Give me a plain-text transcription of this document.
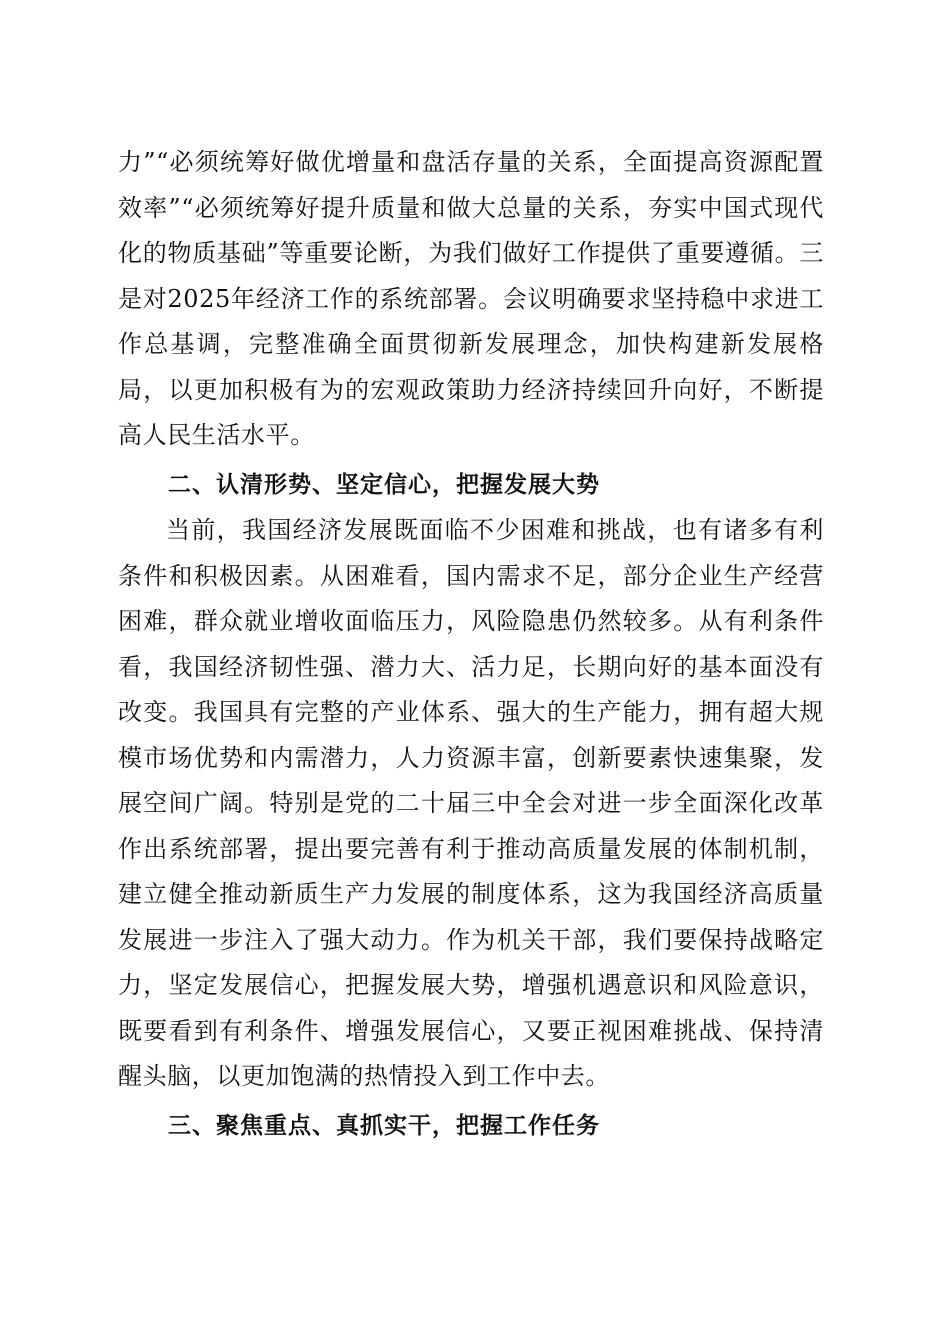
力”“必须统筹好做优增量和盘活存量的关系，全面提高资源配置效率”“必须统筹好提升质量和做大总量的关系，夯实中国式现代化的物质基础”等重要论断，为我们做好工作提供了重要遵循。三是对2025年经济工作的系统部署。会议明确要求坚持稳中求进工作总基调，完整准确全面贯彻新发展理念，加快构建新发展格局，以更加积极有为的宏观政策助力经济持续回升向好，不断提高人民生活水平。

二、认清形势、坚定信心，把握发展大势

当前，我国经济发展既面临不少困难和挑战，也有诸多有利条件和积极因素。从困难看，国内需求不足，部分企业生产经营困难，群众就业增收面临压力，风险隐患仍然较多。从有利条件看，我国经济韧性强、潜力大、活力足，长期向好的基本面没有改变。我国具有完整的产业体系、强大的生产能力，拥有超大规模市场优势和内需潜力，人力资源丰富，创新要素快速集聚，发展空间广阔。特别是党的二十届三中全会对进一步全面深化改革作出系统部署，提出要完善有利于推动高质量发展的体制机制，建立健全推动新质生产力发展的制度体系，这为我国经济高质量发展进一步注入了强大动力。作为机关干部，我们要保持战略定力，坚定发展信心，把握发展大势，增强机遇意识和风险意识，既要看到有利条件、增强发展信心，又要正视困难挑战、保持清醒头脑，以更加饱满的热情投入到工作中去。

三、聚焦重点、真抓实干，把握工作任务
